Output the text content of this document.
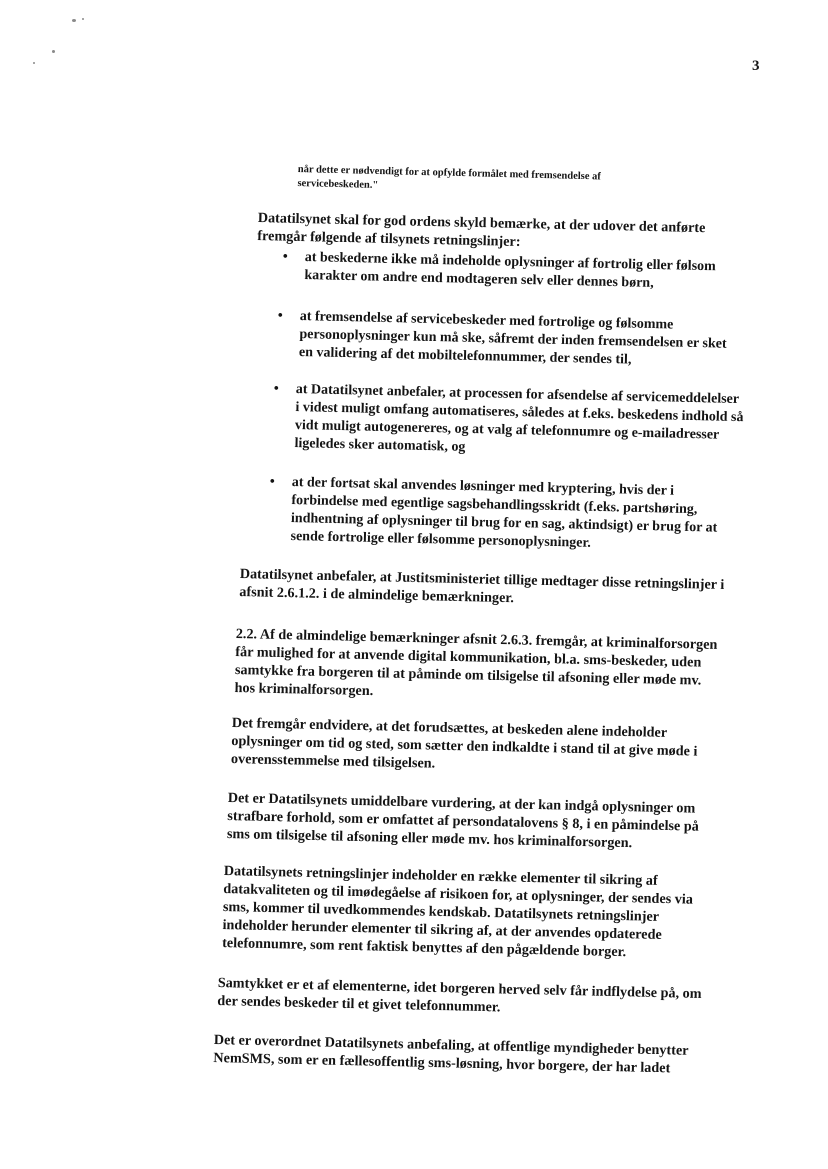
3
når dette er nødvendigt for at opfylde formålet med fremsendelse af servicebeskeden."
Datatilsynet skal for god ordens skyld bemærke, at der udover det anførte fremgår følgende af tilsynets retningslinjer:
• at beskederne ikke må indeholde oplysninger af fortrolig eller følsom karakter om andre end modtageren selv eller dennes børn,
• at fremsendelse af servicebeskeder med fortrolige og følsomme personoplysninger kun må ske, såfremt der inden fremsendelsen er sket en validering af det mobiltelefonnummer, der sendes til,
• at Datatilsynet anbefaler, at processen for afsendelse af servicemeddelelser i videst muligt omfang automatiseres, således at f.eks. beskedens indhold så vidt muligt autogenereres, og at valg af telefonnumre og e-mailadresser ligeledes sker automatisk, og
• at der fortsat skal anvendes løsninger med kryptering, hvis der i forbindelse med egentlige sagsbehandlingsskridt (f.eks. partshøring, indhentning af oplysninger til brug for en sag, aktindsigt) er brug for at sende fortrolige eller følsomme personoplysninger.
Datatilsynet anbefaler, at Justitsministeriet tillige medtager disse retningslinjer i afsnit 2.6.1.2. i de almindelige bemærkninger.
2.2. Af de almindelige bemærkninger afsnit 2.6.3. fremgår, at kriminalforsorgen får mulighed for at anvende digital kommunikation, bl.a. sms-beskeder, uden samtykke fra borgeren til at påminde om tilsigelse til afsoning eller møde mv. hos kriminalforsorgen.
Det fremgår endvidere, at det forudsættes, at beskeden alene indeholder oplysninger om tid og sted, som sætter den indkaldte i stand til at give møde i overensstemmelse med tilsigelsen.
Det er Datatilsynets umiddelbare vurdering, at der kan indgå oplysninger om strafbare forhold, som er omfattet af persondatalovens § 8, i en påmindelse på sms om tilsigelse til afsoning eller møde mv. hos kriminalforsorgen.
Datatilsynets retningslinjer indeholder en række elementer til sikring af datakvaliteten og til imødegåelse af risikoen for, at oplysninger, der sendes via sms, kommer til uvedkommendes kendskab. Datatilsynets retningslinjer indeholder herunder elementer til sikring af, at der anvendes opdaterede telefonnumre, som rent faktisk benyttes af den pågældende borger.
Samtykket er et af elementerne, idet borgeren herved selv får indflydelse på, om der sendes beskeder til et givet telefonnummer.
Det er overordnet Datatilsynets anbefaling, at offentlige myndigheder benytter NemSMS, som er en fællesoffentlig sms-løsning, hvor borgere, der har ladet
